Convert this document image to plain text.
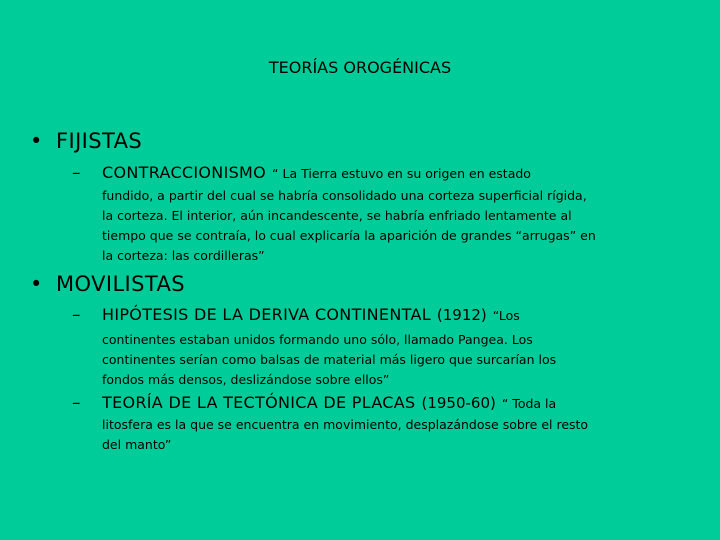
TEORÍAS OROGÉNICAS
• FIJISTAS
– CONTRACCIONISMO “ La Tierra estuvo en su origen en estado
fundido, a partir del cual se habría consolidado una corteza superficial rígida,
la corteza. El interior, aún incandescente, se habría enfriado lentamente al
tiempo que se contraía, lo cual explicaría la aparición de grandes “arrugas” en
la corteza: las cordilleras”
• MOVILISTAS
– HIPÓTESIS DE LA DERIVA CONTINENTAL (1912) “Los
continentes estaban unidos formando uno sólo, llamado Pangea. Los
continentes serían como balsas de material más ligero que surcarían los
fondos más densos, deslizándose sobre ellos”
– TEORÍA DE LA TECTÓNICA DE PLACAS (1950-60) “ Toda la
litosfera es la que se encuentra en movimiento, desplazándose sobre el resto
del manto”
